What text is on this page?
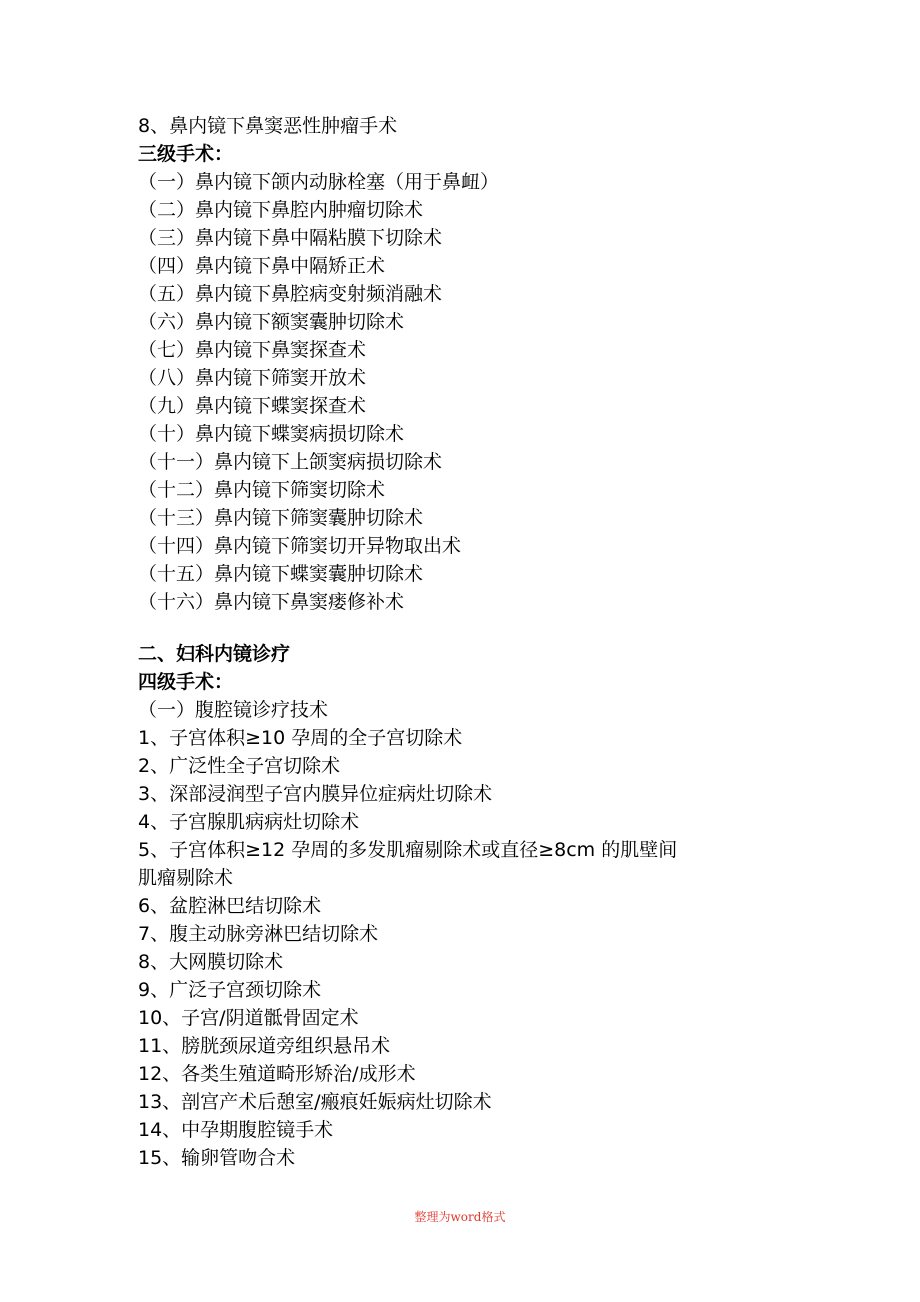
8、鼻内镜下鼻窦恶性肿瘤手术
三级手术：
（一）鼻内镜下颌内动脉栓塞（用于鼻衄）
（二）鼻内镜下鼻腔内肿瘤切除术
（三）鼻内镜下鼻中隔粘膜下切除术
（四）鼻内镜下鼻中隔矫正术
（五）鼻内镜下鼻腔病变射频消融术
（六）鼻内镜下额窦囊肿切除术
（七）鼻内镜下鼻窦探查术
（八）鼻内镜下筛窦开放术
（九）鼻内镜下蝶窦探查术
（十）鼻内镜下蝶窦病损切除术
（十一）鼻内镜下上颌窦病损切除术
（十二）鼻内镜下筛窦切除术
（十三）鼻内镜下筛窦囊肿切除术
（十四）鼻内镜下筛窦切开异物取出术
（十五）鼻内镜下蝶窦囊肿切除术
（十六）鼻内镜下鼻窦瘘修补术
二、妇科内镜诊疗
四级手术：
（一）腹腔镜诊疗技术
1、子宫体积≥10 孕周的全子宫切除术
2、广泛性全子宫切除术
3、深部浸润型子宫内膜异位症病灶切除术
4、子宫腺肌病病灶切除术
5、子宫体积≥12 孕周的多发肌瘤剔除术或直径≥8cm 的肌壁间
肌瘤剔除术
6、盆腔淋巴结切除术
7、腹主动脉旁淋巴结切除术
8、大网膜切除术
9、广泛子宫颈切除术
10、子宫/阴道骶骨固定术
11、膀胱颈尿道旁组织悬吊术
12、各类生殖道畸形矫治/成形术
13、剖宫产术后憩室/瘢痕妊娠病灶切除术
14、中孕期腹腔镜手术
15、输卵管吻合术
整理为word格式
